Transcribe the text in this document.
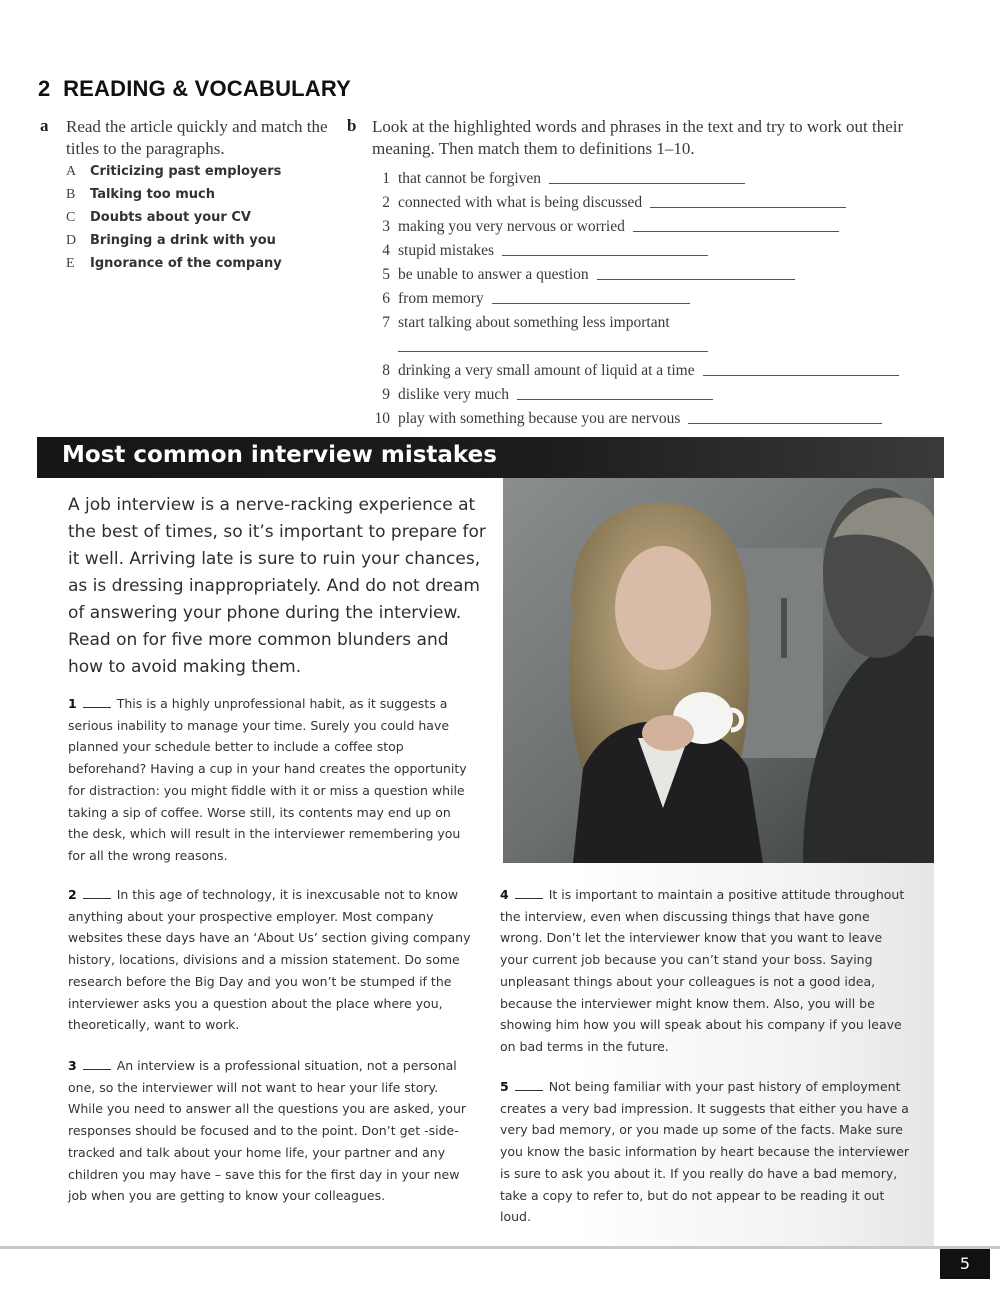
2 READING & VOCABULARY
a Read the article quickly and match the titles to the paragraphs.
A	Criticizing past employers
B	Talking too much
C	Doubts about your CV
D	Bringing a drink with you
E	Ignorance of the company
b Look at the highlighted words and phrases in the text and try to work out their meaning. Then match them to definitions 1–10.
1 that cannot be forgiven
2 connected with what is being discussed
3 making you very nervous or worried
4 stupid mistakes
5 be unable to answer a question
6 from memory
7 start talking about something less important
8 drinking a very small amount of liquid at a time
9 dislike very much
10 play with something because you are nervous
Most common interview mistakes
A job interview is a nerve-racking experience at the best of times, so it’s important to prepare for it well. Arriving late is sure to ruin your chances, as is dressing inappropriately. And do not dream of answering your phone during the interview. Read on for five more common blunders and how to avoid making them.
1	This is a highly unprofessional habit, as it suggests a serious inability to manage your time. Surely you could have planned your schedule better to include a coffee stop beforehand? Having a cup in your hand creates the opportunity for distraction: you might fiddle with it or miss a question while taking a sip of coffee. Worse still, its contents may end up on the desk, which will result in the interviewer remembering you for all the wrong reasons.
2	In this age of technology, it is inexcusable not to know anything about your prospective employer. Most company websites these days have an ‘About Us’ section giving company history, locations, divisions and a mission statement. Do some research before the Big Day and you won’t be stumped if the interviewer asks you a question about the place where you, theoretically, want to work.
3	An interview is a professional situation, not a personal one, so the interviewer will not want to hear your life story. While you need to answer all the questions you are asked, your responses should be focused and to the point. Don’t get -side-tracked and talk about your home life, your partner and any children you may have – save this for the first day in your new job when you are getting to know your colleagues.
4	It is important to maintain a positive attitude throughout the interview, even when discussing things that have gone wrong. Don’t let the interviewer know that you want to leave your current job because you can’t stand your boss. Saying unpleasant things about your colleagues is not a good idea, because the interviewer might know them. Also, you will be showing him how you will speak about his company if you leave on bad terms in the future.
5	Not being familiar with your past history of employment creates a very bad impression. It suggests that either you have a very bad memory, or you made up some of the facts. Make sure you know the basic information by heart because the interviewer is sure to ask you about it. If you really do have a bad memory, take a copy to refer to, but do not appear to be reading it out loud.
5
